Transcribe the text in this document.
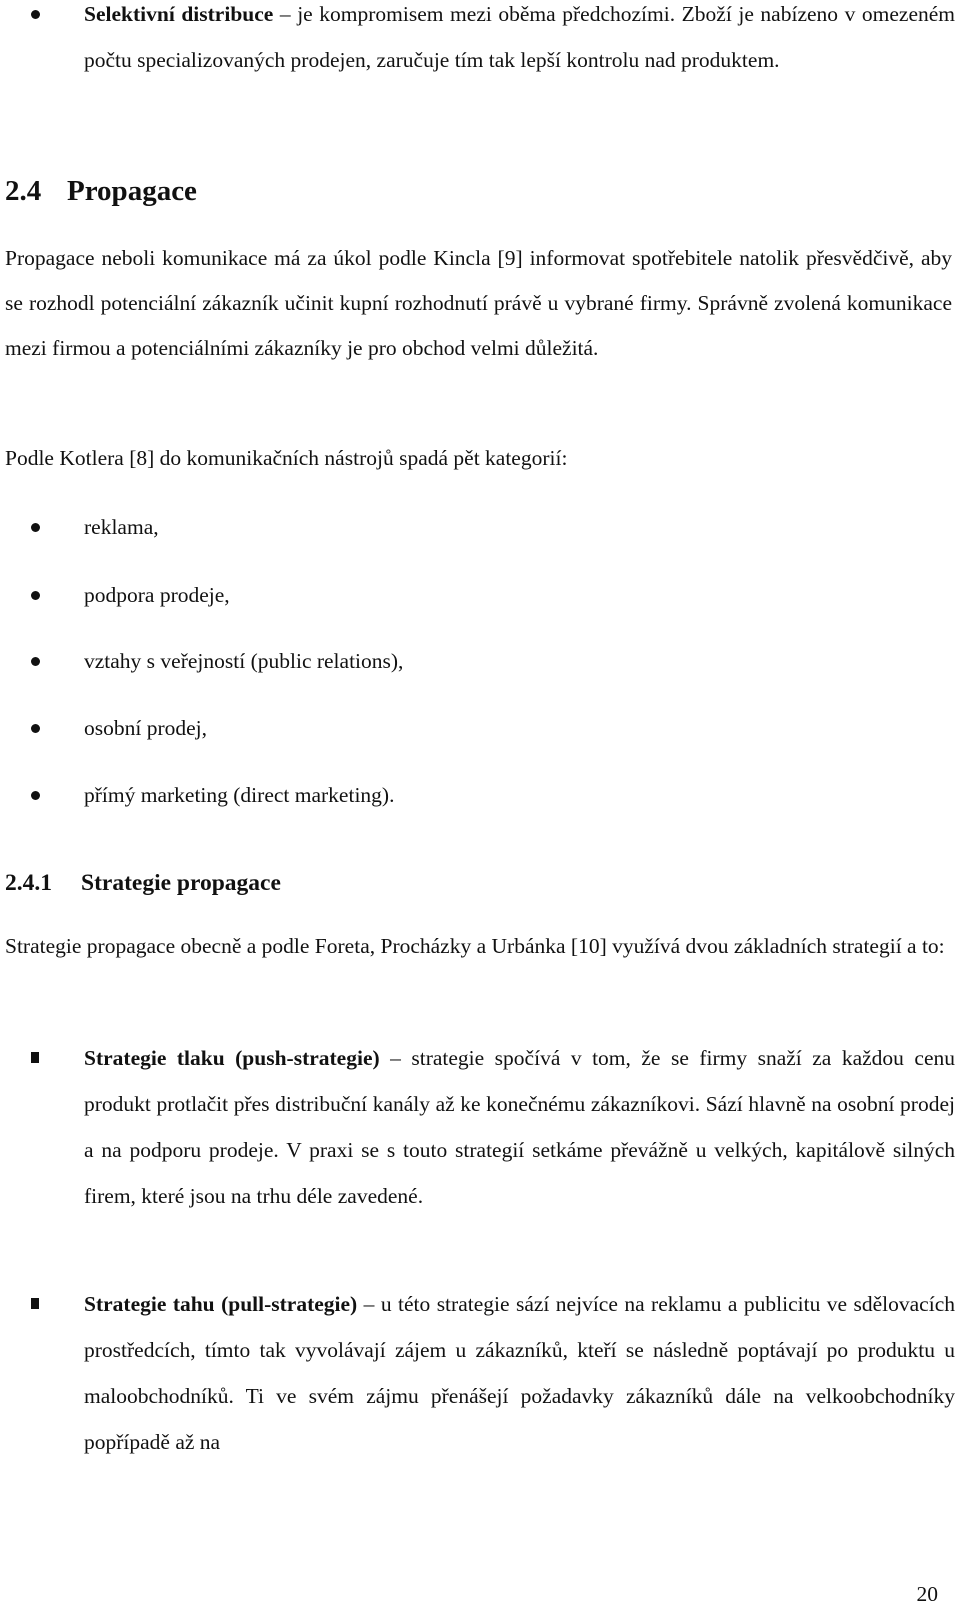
Selektivní distribuce – je kompromisem mezi oběma předchozími. Zboží je nabízeno v omezeném počtu specializovaných prodejen, zaručuje tím tak lepší kontrolu nad produktem.
2.4 Propagace

Propagace neboli komunikace má za úkol podle Kincla [9] informovat spotřebitele natolik přesvědčivě, aby se rozhodl potenciální zákazník učinit kupní rozhodnutí právě u vybrané firmy. Správně zvolená komunikace mezi firmou a potenciálními zákazníky je pro obchod velmi důležitá.

Podle Kotlera [8] do komunikačních nástrojů spadá pět kategorií:

reklama,
podpora prodeje,
vztahy s veřejností (public relations),
osobní prodej,
přímý marketing (direct marketing).
2.4.1 Strategie propagace

Strategie propagace obecně a podle Foreta, Procházky a Urbánka [10] využívá dvou základních strategií a to:

Strategie tlaku (push-strategie) – strategie spočívá v tom, že se firmy snaží za každou cenu produkt protlačit přes distribuční kanály až ke konečnému zákazníkovi. Sází hlavně na osobní prodej a na podporu prodeje. V praxi se s touto strategií setkáme převážně u velkých, kapitálově silných firem, které jsou na trhu déle zavedené.
Strategie tahu (pull-strategie) – u této strategie sází nejvíce na reklamu a publicitu ve sdělovacích prostředcích, tímto tak vyvolávají zájem u zákazníků, kteří se následně poptávají po produktu u maloobchodníků. Ti ve svém zájmu přenášejí požadavky zákazníků dále na velkoobchodníky popřípadě až na
20
